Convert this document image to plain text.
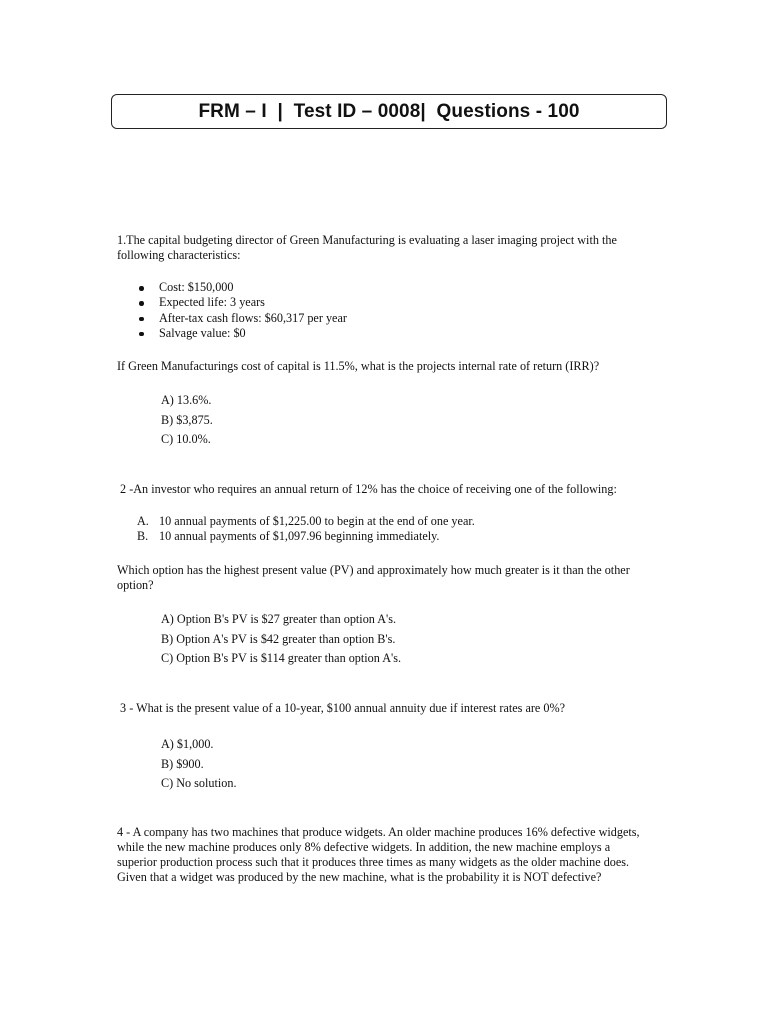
FRM – I  |  Test ID – 0008|  Questions - 100

1.The capital budgeting director of Green Manufacturing is evaluating a laser imaging project with the following characteristics:

Cost: $150,000
Expected life: 3 years
After-tax cash flows: $60,317 per year
Salvage value: $0

If Green Manufacturings cost of capital is 11.5%, what is the projects internal rate of return (IRR)?

A) 13.6%.
B) $3,875.
C) 10.0%.

2 -An investor who requires an annual return of 12% has the choice of receiving one of the following:

A. 10 annual payments of $1,225.00 to begin at the end of one year.
B. 10 annual payments of $1,097.96 beginning immediately.

Which option has the highest present value (PV) and approximately how much greater is it than the other option?

A) Option B's PV is $27 greater than option A's.
B) Option A's PV is $42 greater than option B's.
C) Option B's PV is $114 greater than option A's.

3 - What is the present value of a 10-year, $100 annual annuity due if interest rates are 0%?

A) $1,000.
B) $900.
C) No solution.

4 - A company has two machines that produce widgets. An older machine produces 16% defective widgets, while the new machine produces only 8% defective widgets. In addition, the new machine employs a superior production process such that it produces three times as many widgets as the older machine does. Given that a widget was produced by the new machine, what is the probability it is NOT defective?
